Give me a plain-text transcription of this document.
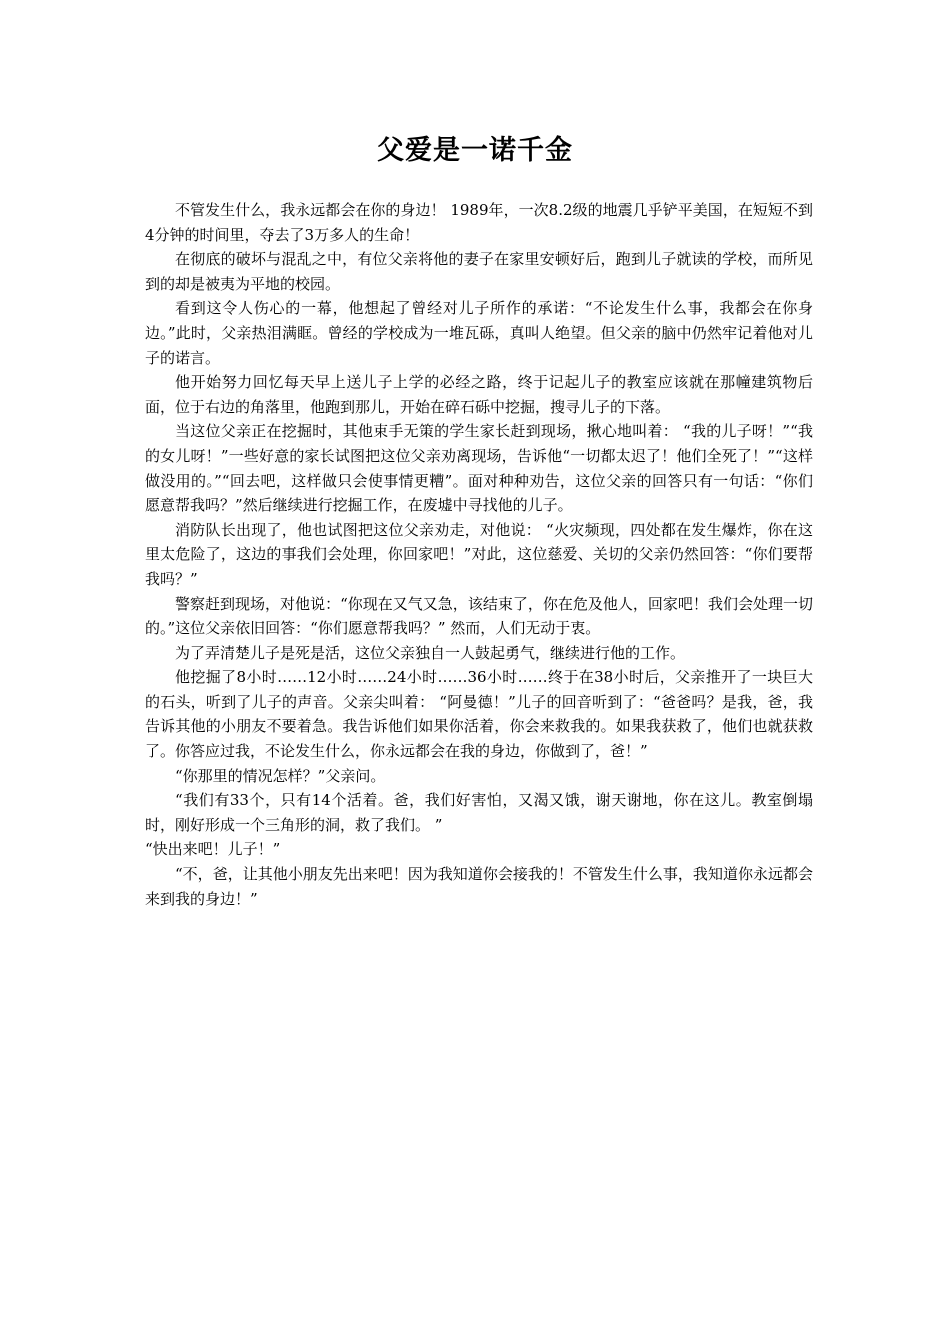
父爱是一诺千金

不管发生什么，我永远都会在你的身边！ 1989年，一次8.2级的地震几乎铲平美国，在短短不到4分钟的时间里，夺去了3万多人的生命！

在彻底的破坏与混乱之中，有位父亲将他的妻子在家里安顿好后，跑到儿子就读的学校，而所见到的却是被夷为平地的校园。

看到这令人伤心的一幕，他想起了曾经对儿子所作的承诺：“不论发生什么事，我都会在你身边。”此时，父亲热泪满眶。曾经的学校成为一堆瓦砾，真叫人绝望。但父亲的脑中仍然牢记着他对儿子的诺言。

他开始努力回忆每天早上送儿子上学的必经之路，终于记起儿子的教室应该就在那幢建筑物后面，位于右边的角落里，他跑到那儿，开始在碎石砾中挖掘，搜寻儿子的下落。

当这位父亲正在挖掘时，其他束手无策的学生家长赶到现场，揪心地叫着： “我的儿子呀！”“我的女儿呀！”一些好意的家长试图把这位父亲劝离现场，告诉他“一切都太迟了！他们全死了！”“这样做没用的。”“回去吧，这样做只会使事情更糟”。面对种种劝告，这位父亲的回答只有一句话：“你们愿意帮我吗？”然后继续进行挖掘工作，在废墟中寻找他的儿子。

消防队长出现了，他也试图把这位父亲劝走，对他说： “火灾频现，四处都在发生爆炸，你在这里太危险了，这边的事我们会处理，你回家吧！”对此，这位慈爱、关切的父亲仍然回答：“你们要帮我吗？”

警察赶到现场，对他说：“你现在又气又急，该结束了，你在危及他人，回家吧！我们会处理一切的。”这位父亲依旧回答：“你们愿意帮我吗？” 然而，人们无动于衷。

为了弄清楚儿子是死是活，这位父亲独自一人鼓起勇气，继续进行他的工作。

他挖掘了8小时……12小时……24小时……36小时……终于在38小时后，父亲推开了一块巨大的石头，听到了儿子的声音。父亲尖叫着： “阿曼德！”儿子的回音听到了：“爸爸吗？是我，爸，我告诉其他的小朋友不要着急。我告诉他们如果你活着，你会来救我的。如果我获救了，他们也就获救了。你答应过我，不论发生什么，你永远都会在我的身边，你做到了，爸！”

“你那里的情况怎样？”父亲问。

“我们有33个，只有14个活着。爸，我们好害怕，又渴又饿，谢天谢地，你在这儿。教室倒塌时，刚好形成一个三角形的洞，救了我们。 ”

“快出来吧！儿子！”

“不，爸，让其他小朋友先出来吧！因为我知道你会接我的！不管发生什么事，我知道你永远都会来到我的身边！”
